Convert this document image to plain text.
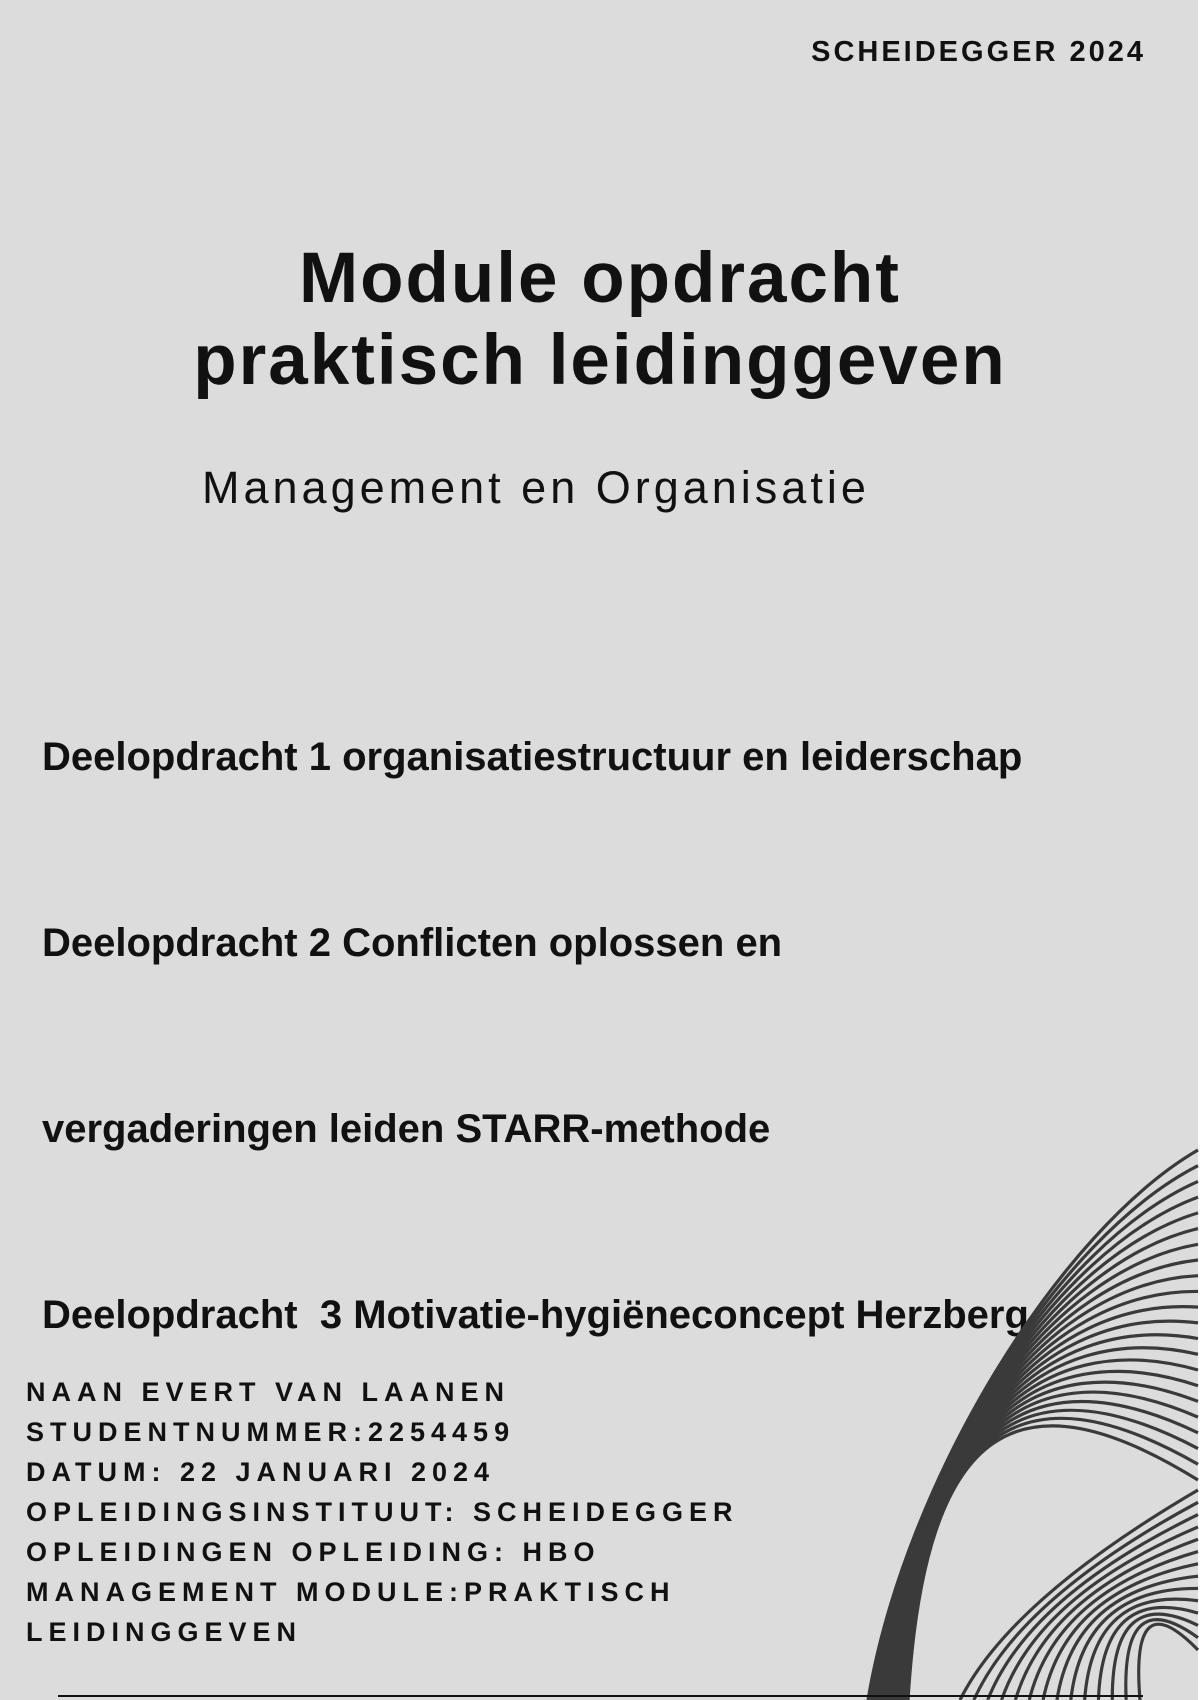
SCHEIDEGGER 2024
Module opdracht
praktisch leidinggeven
Management en Organisatie

Deelopdracht 1 organisatiestructuur en leiderschap

Deelopdracht 2 Conflicten oplossen en

vergaderingen leiden STARR-methode

Deelopdracht  3 Motivatie-hygiëneconcept Herzberg

NAAN EVERT VAN LAANEN
STUDENTNUMMER:2254459
DATUM: 22 JANUARI 2024
OPLEIDINGSINSTITUUT: SCHEIDEGGER
OPLEIDINGEN OPLEIDING: HBO
MANAGEMENT MODULE:PRAKTISCH
LEIDINGGEVEN
